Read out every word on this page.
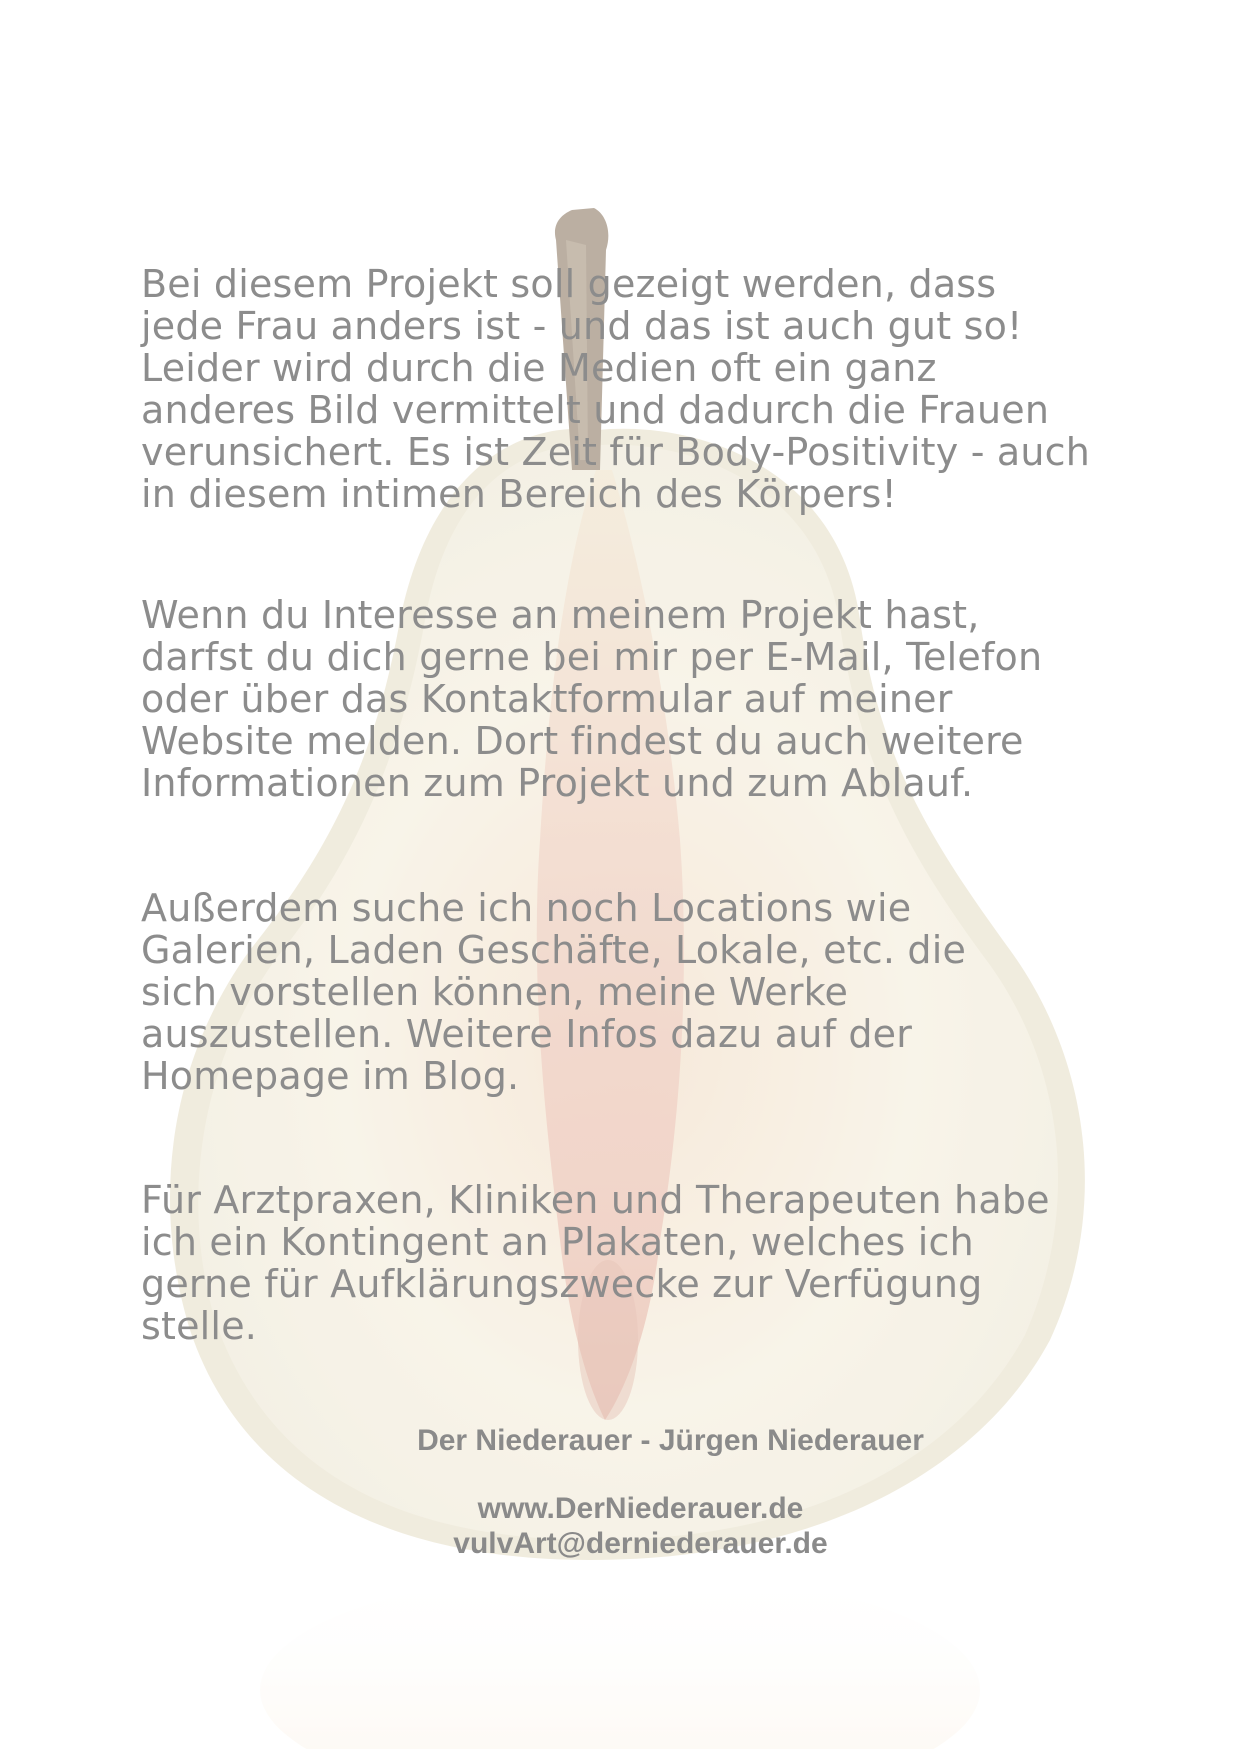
Bei diesem Projekt soll gezeigt werden, dass
jede Frau anders ist - und das ist auch gut so!
Leider wird durch die Medien oft ein ganz
anderes Bild vermittelt und dadurch die Frauen
verunsichert. Es ist Zeit für Body-Positivity - auch
in diesem intimen Bereich des Körpers!
Wenn du Interesse an meinem Projekt hast,
darfst du dich gerne bei mir per E-Mail, Telefon
oder über das Kontaktformular auf meiner
Website melden. Dort findest du auch weitere
Informationen zum Projekt und zum Ablauf.
Außerdem suche ich noch Locations wie
Galerien, Laden Geschäfte, Lokale, etc. die
sich vorstellen können, meine Werke
auszustellen. Weitere Infos dazu auf der
Homepage im Blog.
Für Arztpraxen, Kliniken und Therapeuten habe
ich ein Kontingent an Plakaten, welches ich
gerne für Aufklärungszwecke zur Verfügung
stelle.
Der Niederauer - Jürgen Niederauer
www.DerNiederauer.de
vulvArt@derniederauer.de
